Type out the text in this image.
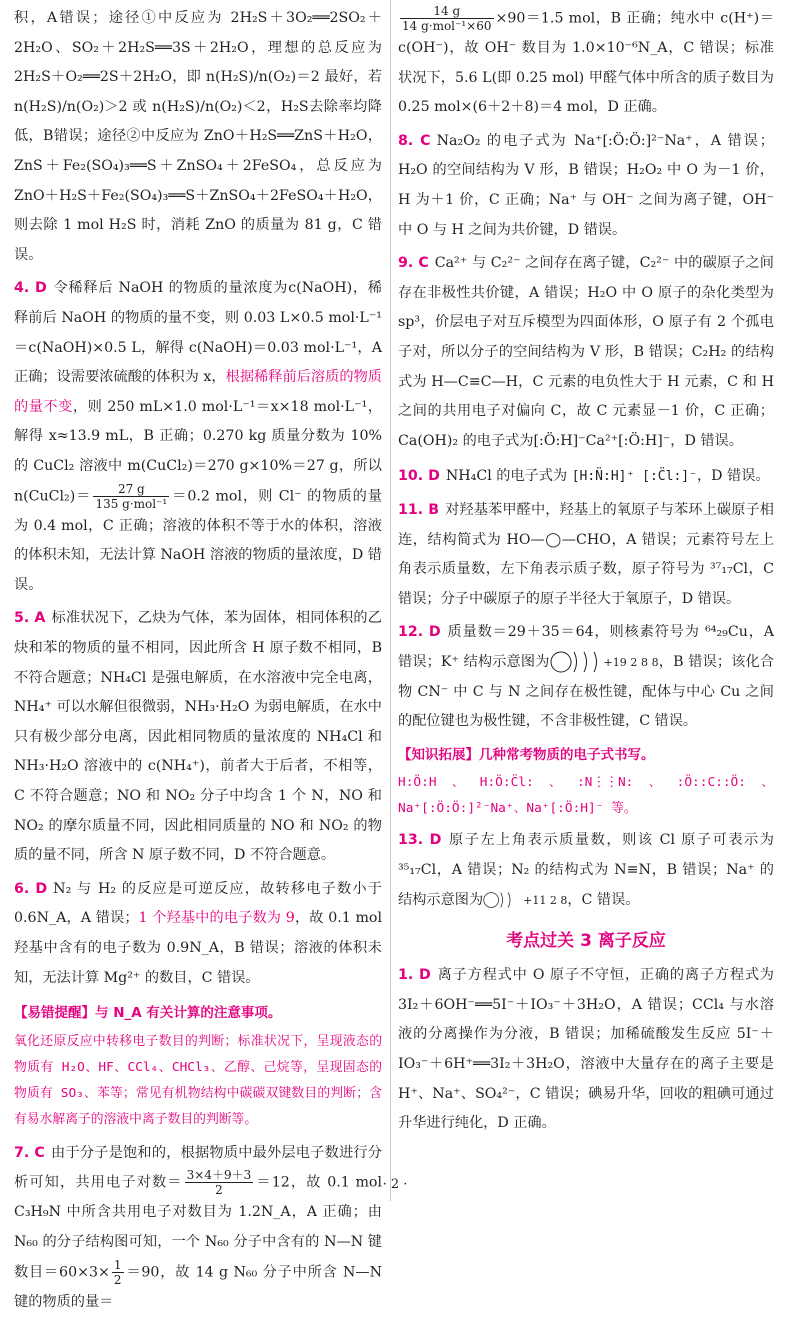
积，A错误；途径①中反应为 2H₂S＋3O₂══2SO₂＋2H₂O、SO₂＋2H₂S══3S＋2H₂O，理想的总反应为 2H₂S＋O₂══2S＋2H₂O，即 n(H₂S)/n(O₂)＝2 最好，若 n(H₂S)/n(O₂)＞2 或 n(H₂S)/n(O₂)＜2，H₂S去除率均降低，B错误；途径②中反应为 ZnO＋H₂S══ZnS＋H₂O，ZnS＋Fe₂(SO₄)₃══S＋ZnSO₄＋2FeSO₄，总反应为 ZnO＋H₂S＋Fe₂(SO₄)₃══S＋ZnSO₄＋2FeSO₄＋H₂O，则去除 1 mol H₂S 时，消耗 ZnO 的质量为 81 g，C 错误。

4. D 令稀释后 NaOH 的物质的量浓度为c(NaOH)，稀释前后 NaOH 的物质的量不变，则 0.03 L×0.5 mol·L⁻¹＝c(NaOH)×0.5 L，解得 c(NaOH)＝0.03 mol·L⁻¹，A 正确；设需要浓硫酸的体积为 x，根据稀释前后溶质的物质的量不变，则 250 mL×1.0 mol·L⁻¹＝x×18 mol·L⁻¹，解得 x≈13.9 mL，B 正确；0.270 kg 质量分数为 10% 的 CuCl₂ 溶液中 m(CuCl₂)＝270 g×10%＝27 g，所以 n(CuCl₂)＝ $\frac{27 g}{\text{135 g·mol⁻¹}} =0.2$ mol，则 Cl⁻ 的物质的量为 0.4 mol，C 正确；溶液的体积不等于水的体积，溶液的体积未知，无法计算 NaOH 溶液的物质的量浓度，D 错误。

5. A 标准状况下，乙炔为气体，苯为固体，相同体积的乙炔和苯的物质的量不相同，因此所含 H 原子数不相同，B 不符合题意；NH₄Cl 是强电解质，在水溶液中完全电离，NH₄⁺ 可以水解但很微弱，NH₃·H₂O 为弱电解质，在水中只有极少部分电离，因此相同物质的量浓度的 NH₄Cl 和 NH₃·H₂O 溶液中的 c(NH₄⁺)，前者大于后者，不相等，C 不符合题意；NO 和 NO₂ 分子中均含 1 个 N，NO 和 NO₂ 的摩尔质量不同，因此相同质量的 NO 和 NO₂ 的物质的量不同，所含 N 原子数不同，D 不符合题意。

6. D N₂ 与 H₂ 的反应是可逆反应，故转移电子数小于 0.6N_A，A 错误；1 个羟基中的电子数为 9，故 0.1 mol 羟基中含有的电子数为 0.9N_A，B 错误；溶液的体积未知，无法计算 Mg²⁺ 的数目，C 错误。

【易错提醒】与 N_A 有关计算的注意事项。
氧化还原反应中转移电子数目的判断；标准状况下，呈现液态的物质有 H₂O、HF、CCl₄、CHCl₃、乙醇、己烷等，呈现固态的物质有 SO₃、苯等；常见有机物结构中碳碳双键数目的判断；含有易水解离子的溶液中离子数目的判断等。

7. C 由于分子是饱和的，根据物质中最外层电子数进行分析可知，共用电子对数＝ $\frac{3\times 4+9+3}{2} =12$，故 0.1 mol C₃H₉N 中所含共用电子对数目为 1.2N_A，A 正确；由 N₆₀ 的分子结构图可知，一个 N₆₀ 分子中含有的 N—N 键数目$=60\times 3\times \frac{1}{2} =90$，故 14 g N₆₀ 分子中所含 N—N 键的物质的量＝

$\frac{14 g}{\text{14 g·mol⁻¹×60}} \times 90=1.5$ mol，B 正确；纯水中 c(H⁺)＝c(OH⁻)，故 OH⁻ 数目为 1.0×10⁻⁶N_A，C 错误；标准状况下，5.6 L(即 0.25 mol) 甲醛气体中所含的质子数目为 0.25 mol×(6＋2＋8)＝4 mol，D 正确。

8. C Na₂O₂ 的电子式为 Na⁺[:Ö:Ö:]²⁻Na⁺，A 错误；H₂O 的空间结构为 V 形，B 错误；H₂O₂ 中 O 为－1 价，H 为＋1 价，C 正确；Na⁺ 与 OH⁻ 之间为离子键，OH⁻ 中 O 与 H 之间为共价键，D 错误。

9. C Ca²⁺ 与 C₂²⁻ 之间存在离子键，C₂²⁻ 中的碳原子之间存在非极性共价键，A 错误；H₂O 中 O 原子的杂化类型为 sp³，价层电子对互斥模型为四面体形，O 原子有 2 个孤电子对，所以分子的空间结构为 V 形，B 错误；C₂H₂ 的结构式为 H—C≡C—H，C 元素的电负性大于 H 元素，C 和 H 之间的共用电子对偏向 C，故 C 元素显－1 价，C 正确；Ca(OH)₂ 的电子式为[:Ö:H]⁻Ca²⁺[:Ö:H]⁻，D 错误。

10. D NH₄Cl 的电子式为 [H:N̈:H]⁺ [:C̈l:]⁻，D 错误。

11. B 对羟基苯甲醛中，羟基上的氧原子与苯环上碳原子相连，结构简式为 HO—◯—CHO，A 错误；元素符号左上角表示质量数，左下角表示质子数，原子符号为 ³⁷₁₇Cl，C 错误；分子中碳原子的原子半径大于氧原子，D 错误。

12. D 质量数＝29＋35＝64，则核素符号为 ⁶⁴₂₉Cu，A 错误；K⁺ 结构示意图为	+19 2 8 8，B 错误；该化合物 CN⁻ 中 C 与 N 之间存在极性键，配体与中心 Cu 之间的配位键也为极性键，不含非极性键，C 错误。

【知识拓展】几种常考物质的电子式书写。
H:Ö:H、H:Ö:C̈l:、:N⋮⋮N:、:Ö::C::Ö:、Na⁺[:Ö:Ö:]²⁻Na⁺、Na⁺[:Ö:H]⁻ 等。

13. D 原子左上角表示质量数，则该 Cl 原子可表示为 ³⁵₁₇Cl，A 错误；N₂ 的结构式为 N≡N，B 错误；Na⁺ 的结构示意图为	+11 2 8，C 错误。

考点过关 3 离子反应

1. D 离子方程式中 O 原子不守恒，正确的离子方程式为 3I₂＋6OH⁻══5I⁻＋IO₃⁻＋3H₂O，A 错误；CCl₄ 与水溶液的分离操作为分液，B 错误；加稀硫酸发生反应 5I⁻＋IO₃⁻＋6H⁺══3I₂＋3H₂O，溶液中大量存在的离子主要是 H⁺、Na⁺、SO₄²⁻，C 错误；碘易升华，回收的粗碘可通过升华进行纯化，D 正确。

· 2 ·
